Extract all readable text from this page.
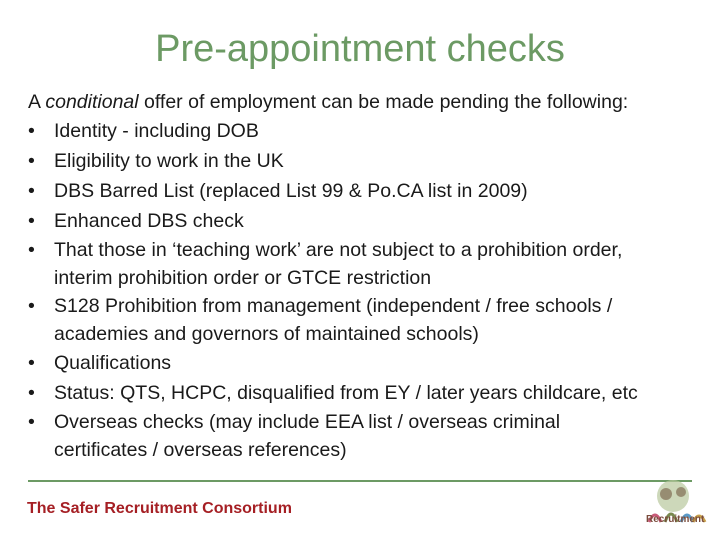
Pre-appointment checks
A conditional offer of employment can be made pending the following:
• Identity - including DOB
• Eligibility to work in the UK
• DBS Barred List (replaced List 99 & Po.CA list in 2009)
• Enhanced DBS check
• That those in ‘teaching work’ are not subject to a prohibition order,
interim prohibition order or GTCE restriction
• S128 Prohibition from management (independent / free schools /
academies and governors of maintained schools)
• Qualifications
• Status: QTS, HCPC, disqualified from EY / later years childcare, etc
• Overseas checks (may include EEA list / overseas criminal
certificates / overseas references)
The Safer Recruitment Consortium
Recruitment
